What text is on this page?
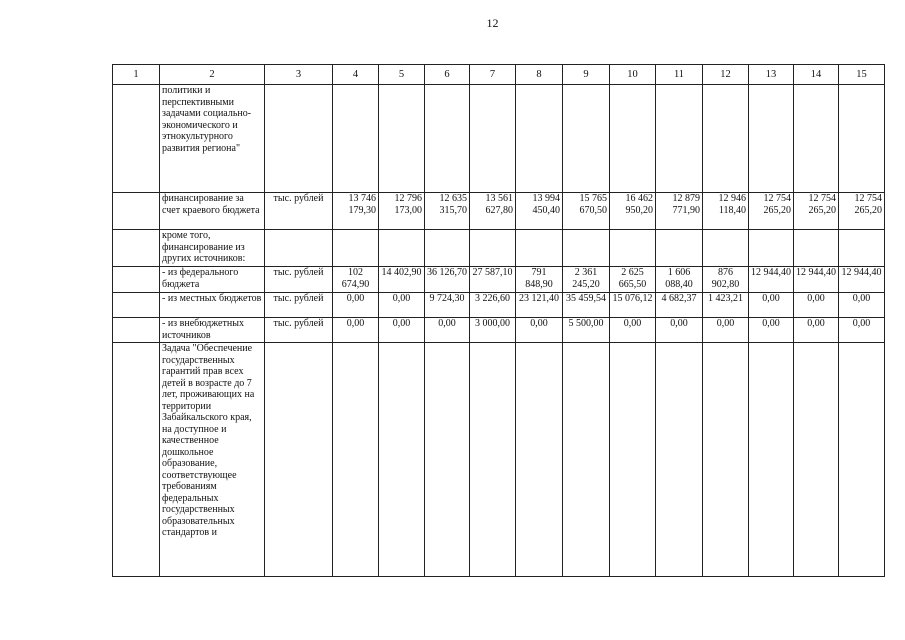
12
1	2	3	4	5	6	7	8	9	10	11	12	13	14	15
	политики и перспективными задачами социально-экономического и этнокультурного развития региона"													
	финансирование за счет краевого бюджета	тыс. рублей	13 746 179,30	12 796 173,00	12 635 315,70	13 561 627,80	13 994 450,40	15 765 670,50	16 462 950,20	12 879 771,90	12 946 118,40	12 754 265,20	12 754 265,20	12 754 265,20
	кроме того, финансирование из других источников:													
	- из федерального бюджета	тыс. рублей	102 674,90	14 402,90	36 126,70	27 587,10	791 848,90	2 361 245,20	2 625 665,50	1 606 088,40	876 902,80	12 944,40	12 944,40	12 944,40
	- из местных бюджетов	тыс. рублей	0,00	0,00	9 724,30	3 226,60	23 121,40	35 459,54	15 076,12	4 682,37	1 423,21	0,00	0,00	0,00
	- из внебюджетных источников	тыс. рублей	0,00	0,00	0,00	3 000,00	0,00	5 500,00	0,00	0,00	0,00	0,00	0,00	0,00
	Задача "Обеспечение государственных гарантий прав всех детей в возрасте до 7 лет, проживающих на территории Забайкальского края, на доступное и качественное дошкольное образование, соответствующее требованиям федеральных государственных образовательных стандартов и													
